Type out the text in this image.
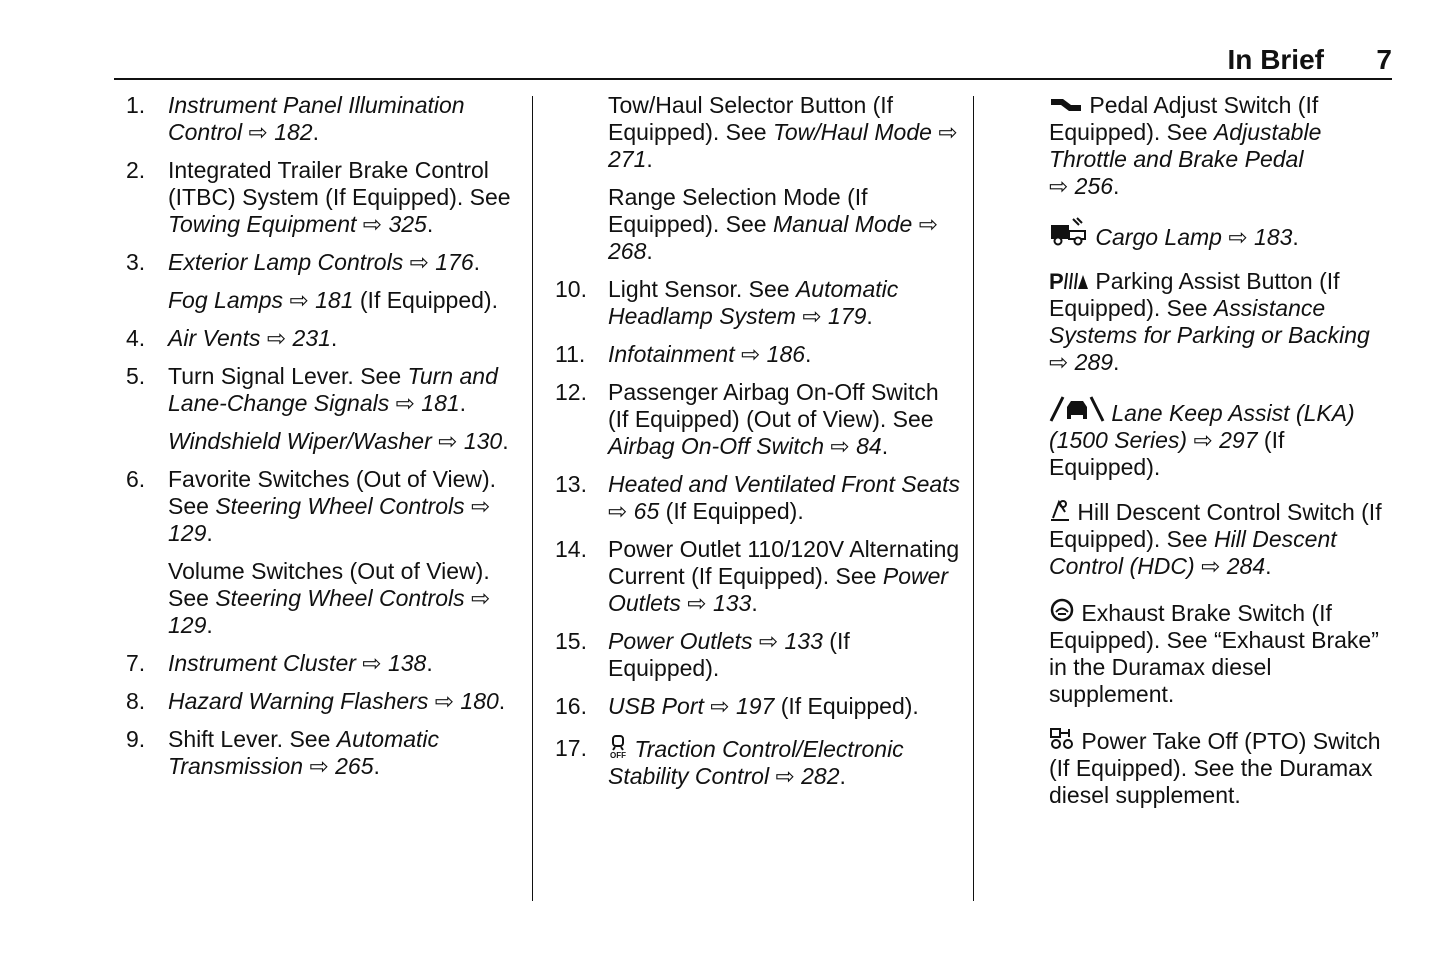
In Brief 7
1. Instrument Panel Illumination Control ⇨ 182.
2. Integrated Trailer Brake Control (ITBC) System (If Equipped). See Towing Equipment ⇨ 325.
3. Exterior Lamp Controls ⇨ 176.
Fog Lamps ⇨ 181 (If Equipped).
4. Air Vents ⇨ 231.
5. Turn Signal Lever. See Turn and Lane-Change Signals ⇨ 181.
Windshield Wiper/Washer ⇨ 130.
6. Favorite Switches (Out of View). See Steering Wheel Controls ⇨ 129.
Volume Switches (Out of View). See Steering Wheel Controls ⇨ 129.
7. Instrument Cluster ⇨ 138.
8. Hazard Warning Flashers ⇨ 180.
9. Shift Lever. See Automatic Transmission ⇨ 265.
Tow/Haul Selector Button (If Equipped). See Tow/Haul Mode ⇨ 271.
Range Selection Mode (If Equipped). See Manual Mode ⇨ 268.
10. Light Sensor. See Automatic Headlamp System ⇨ 179.
11. Infotainment ⇨ 186.
12. Passenger Airbag On-Off Switch (If Equipped) (Out of View). See Airbag On-Off Switch ⇨ 84.
13. Heated and Ventilated Front Seats ⇨ 65 (If Equipped).
14. Power Outlet 110/120V Alternating Current (If Equipped). See Power Outlets ⇨ 133.
15. Power Outlets ⇨ 133 (If Equipped).
16. USB Port ⇨ 197 (If Equipped).
17.	OFF Traction Control/Electronic Stability Control ⇨ 282.
Pedal Adjust Switch (If Equipped). See Adjustable Throttle and Brake Pedal
⇨ 256.
Cargo Lamp ⇨ 183.
P Parking Assist Button (If Equipped). See Assistance Systems for Parking or Backing
⇨ 289.
Lane Keep Assist (LKA) (1500 Series) ⇨ 297 (If Equipped).
Hill Descent Control Switch (If Equipped). See Hill Descent Control (HDC) ⇨ 284.
Exhaust Brake Switch (If Equipped). See “Exhaust Brake” in the Duramax diesel supplement.
Power Take Off (PTO) Switch (If Equipped). See the Duramax diesel supplement.
